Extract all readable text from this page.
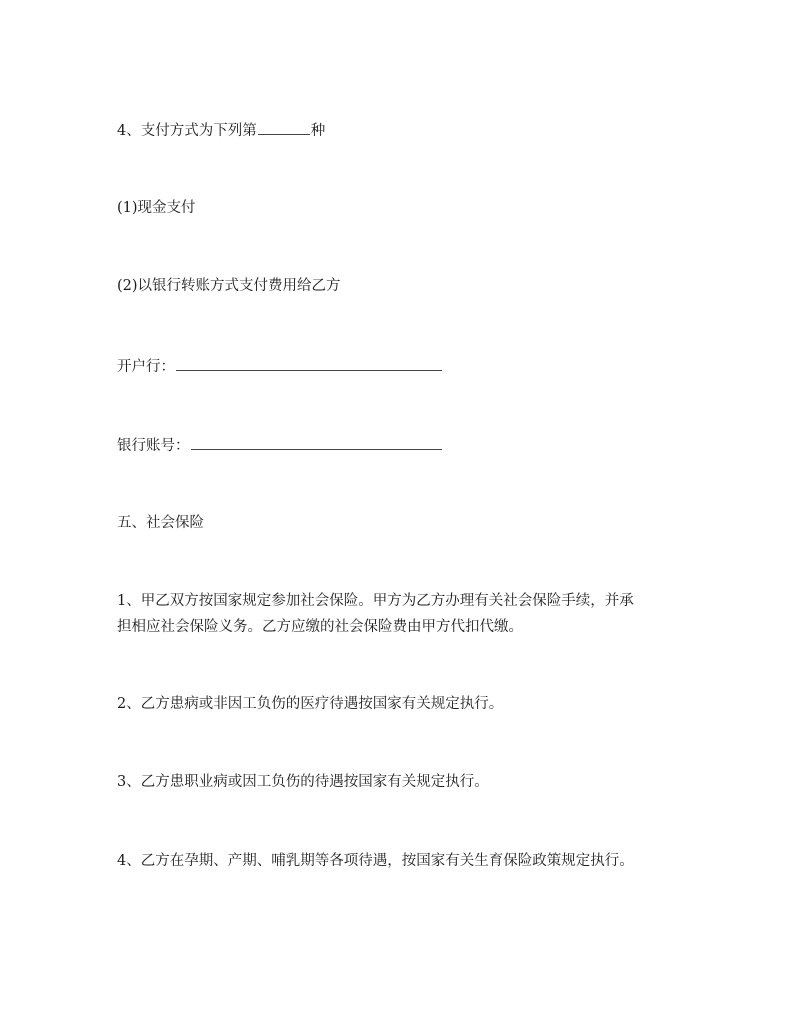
4、支付方式为下列第	种
(1)现金支付
(2)以银行转账方式支付费用给乙方
开户行：
银行账号：
五、社会保险
1、甲乙双方按国家规定参加社会保险。甲方为乙方办理有关社会保险手续，并承
担相应社会保险义务。乙方应缴的社会保险费由甲方代扣代缴。
2、乙方患病或非因工负伤的医疗待遇按国家有关规定执行。
3、乙方患职业病或因工负伤的待遇按国家有关规定执行。
4、乙方在孕期、产期、哺乳期等各项待遇，按国家有关生育保险政策规定执行。
